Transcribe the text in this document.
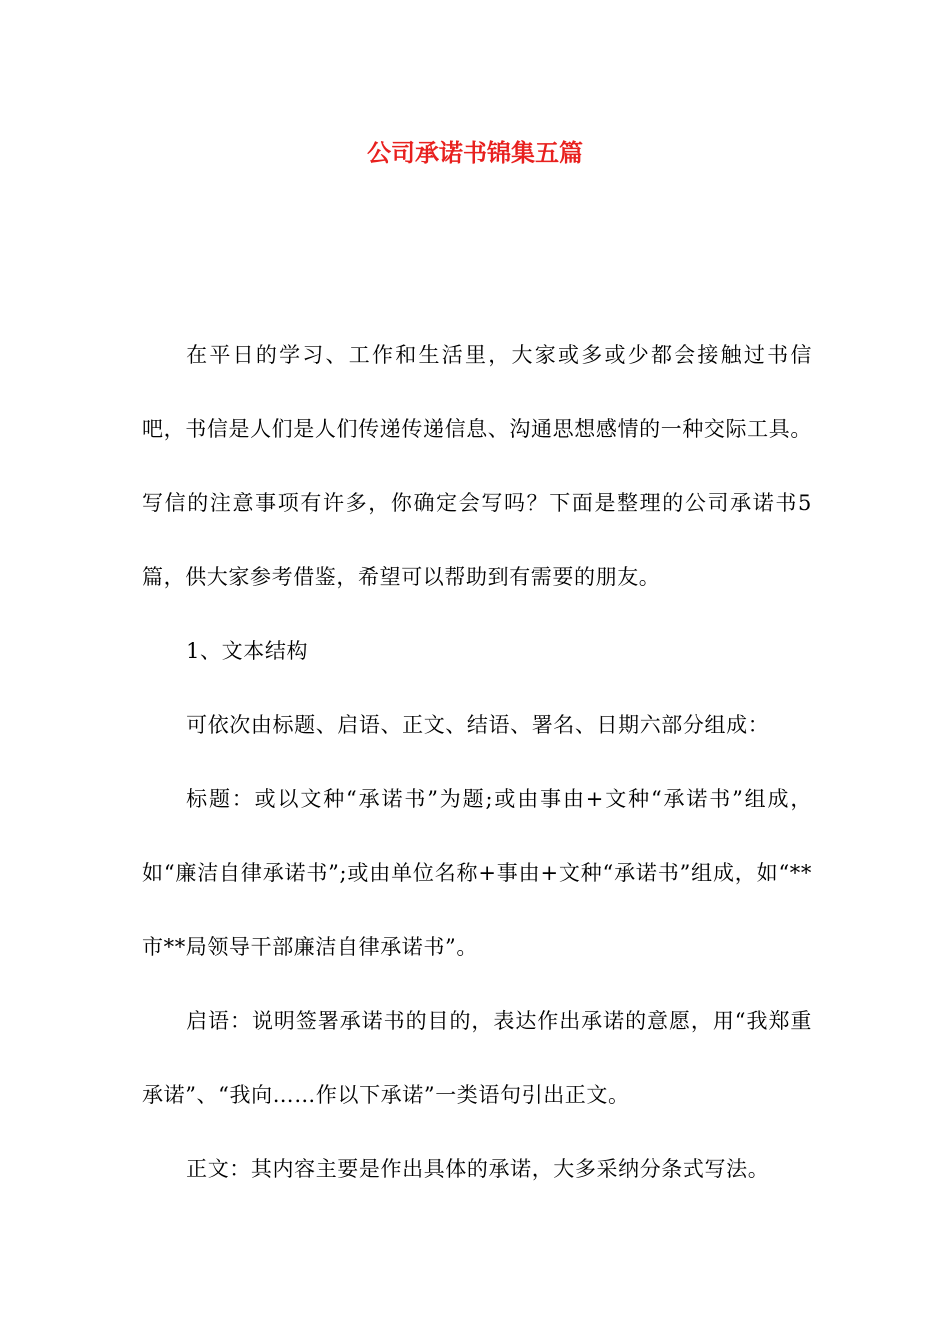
公司承诺书锦集五篇

在平日的学习、工作和生活里，大家或多或少都会接触过书信吧，书信是人们是人们传递传递信息、沟通思想感情的一种交际工具。写信的注意事项有许多，你确定会写吗？下面是整理的公司承诺书5篇，供大家参考借鉴，希望可以帮助到有需要的朋友。

1、文本结构

可依次由标题、启语、正文、结语、署名、日期六部分组成：

标题：或以文种“承诺书”为题;或由事由+文种“承诺书”组成，如“廉洁自律承诺书”;或由单位名称+事由+文种“承诺书”组成，如“**市**局领导干部廉洁自律承诺书”。

启语：说明签署承诺书的目的，表达作出承诺的意愿，用“我郑重承诺”、“我向……作以下承诺”一类语句引出正文。

正文：其内容主要是作出具体的承诺，大多采纳分条式写法。
